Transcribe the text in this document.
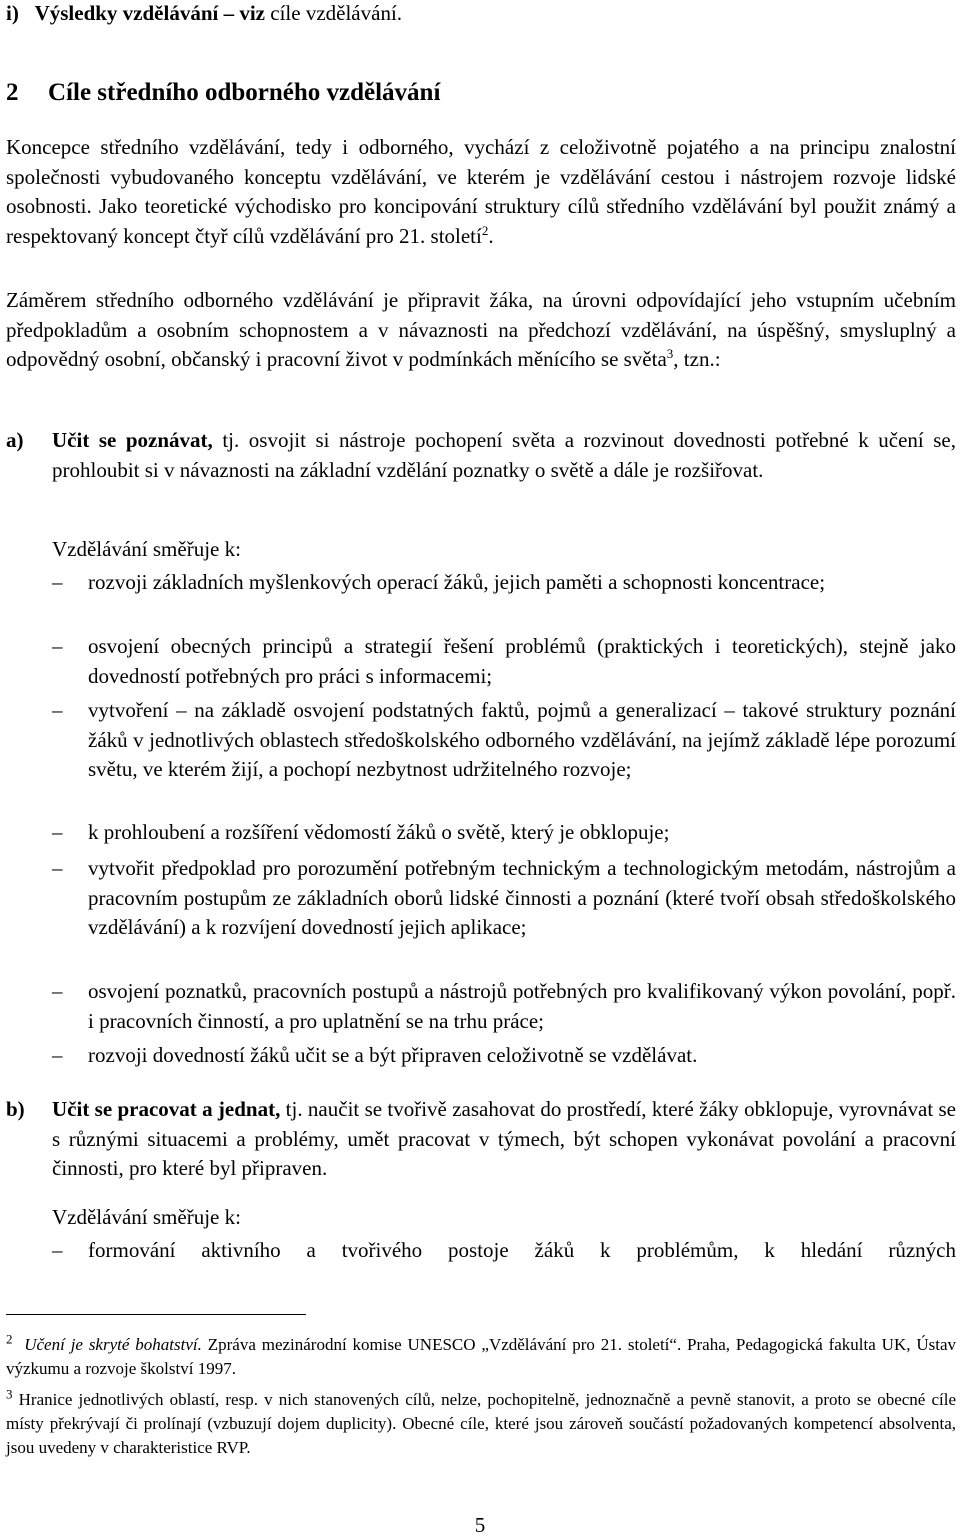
i) Výsledky vzdělávání – viz cíle vzdělávání.
2 Cíle středního odborného vzdělávání

Koncepce středního vzdělávání, tedy i odborného, vychází z celoživotně pojatého a na principu znalostní společnosti vybudovaného konceptu vzdělávání, ve kterém je vzdělávání cestou i nástrojem rozvoje lidské osobnosti. Jako teoretické východisko pro koncipování struktury cílů středního vzdělávání byl použit známý a respektovaný koncept čtyř cílů vzdělávání pro 21. století$^2$.

Záměrem středního odborného vzdělávání je připravit žáka, na úrovni odpovídající jeho vstupním učebním předpokladům a osobním schopnostem a v návaznosti na předchozí vzdělávání, na úspěšný, smysluplný a odpovědný osobní, občanský i pracovní život v podmínkách měnícího se světa$^3$, tzn.:

a) Učit se poznávat, tj. osvojit si nástroje pochopení světa a rozvinout dovednosti potřebné k učení se, prohloubit si v návaznosti na základní vzdělání poznatky o světě a dále je rozšiřovat.
Vzdělávání směřuje k:
– rozvoji základních myšlenkových operací žáků, jejich paměti a schopnosti koncentrace;
– osvojení obecných principů a strategií řešení problémů (praktických i teoretických), stejně jako dovedností potřebných pro práci s informacemi;
– vytvoření – na základě osvojení podstatných faktů, pojmů a generalizací – takové struktury poznání žáků v jednotlivých oblastech středoškolského odborného vzdělávání, na jejímž základě lépe porozumí světu, ve kterém žijí, a pochopí nezbytnost udržitelného rozvoje;
– k prohloubení a rozšíření vědomostí žáků o světě, který je obklopuje;
– vytvořit předpoklad pro porozumění potřebným technickým a technologickým metodám, nástrojům a pracovním postupům ze základních oborů lidské činnosti a poznání (které tvoří obsah středoškolského vzdělávání) a k rozvíjení dovedností jejich aplikace;
– osvojení poznatků, pracovních postupů a nástrojů potřebných pro kvalifikovaný výkon povolání, popř. i pracovních činností, a pro uplatnění se na trhu práce;
– rozvoji dovedností žáků učit se a být připraven celoživotně se vzdělávat.
b) Učit se pracovat a jednat, tj. naučit se tvořivě zasahovat do prostředí, které žáky obklopuje, vyrovnávat se s různými situacemi a problémy, umět pracovat v týmech, být schopen vykonávat povolání a pracovní činnosti, pro které byl připraven.
Vzdělávání směřuje k:
– formování aktivního a tvořivého postoje žáků k problémům, k hledání různých

$^2$ Učení je skryté bohatství. Zpráva mezinárodní komise UNESCO „Vzdělávání pro 21. století“. Praha, Pedagogická fakulta UK, Ústav výzkumu a rozvoje školství 1997.

$^3$ Hranice jednotlivých oblastí, resp. v nich stanovených cílů, nelze, pochopitelně, jednoznačně a pevně stanovit, a proto se obecné cíle místy překrývají či prolínají (vzbuzují dojem duplicity). Obecné cíle, které jsou zároveň součástí požadovaných kompetencí absolventa, jsou uvedeny v charakteristice RVP.

5
